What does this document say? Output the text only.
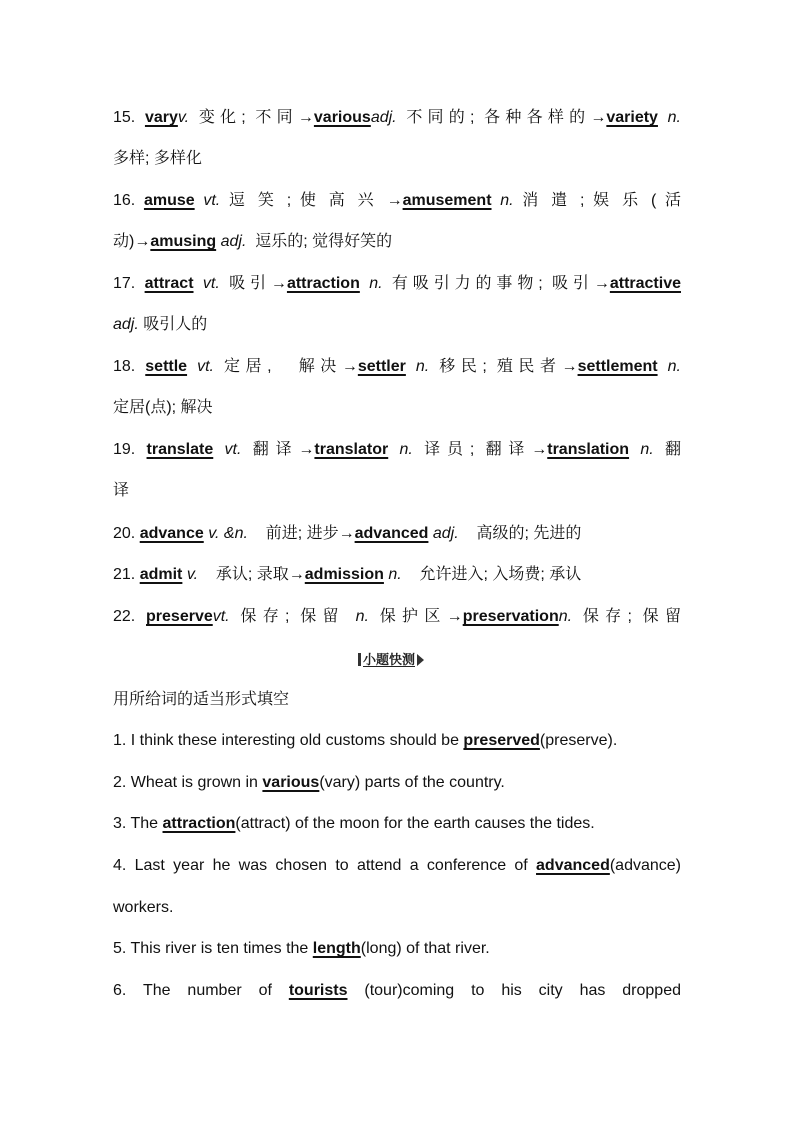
15. varyv. 变化; 不同→variousadj. 不同的; 各种各样的→variety n.
多样; 多样化
16. amuse vt. 逗 笑 ; 使 高 兴 →amusement n. 消 遣 ; 娱 乐 ( 活
动)→amusing adj. 逗乐的; 觉得好笑的
17. attract vt. 吸引→attraction n. 有吸引力的事物; 吸引→attractive
adj. 吸引人的
18. settle vt. 定居,　解决→settler n. 移民; 殖民者→settlement n.
定居(点); 解决
19. translate vt. 翻译→translator n. 译员; 翻译→translation n. 翻
译
20. advance v. &n. 前进; 进步→advanced adj. 高级的; 先进的
21. admit v. 承认; 录取→admission n. 允许进入; 入场费; 承认
22. preservevt. 保存; 保留 n. 保护区→preservationn. 保存; 保留
小题快测
用所给词的适当形式填空
1. I think these interesting old customs should be preserved(preserve).
2. Wheat is grown in various(vary) parts of the country.
3. The attraction(attract) of the moon for the earth causes the tides.
4. Last year he was chosen to attend a conference of advanced(advance)
workers.
5. This river is ten times the length(long) of that river.
6. The number of tourists (tour)coming to his city has dropped
